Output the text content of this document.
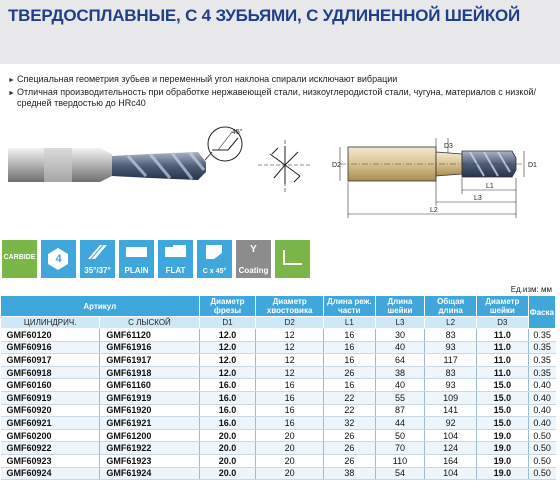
ТВЕРДОСПЛАВНЫЕ, С 4 ЗУБЬЯМИ, С УДЛИНЕННОЙ ШЕЙКОЙ
► Специальная геометрия зубьев и переменный угол наклона спирали исключают вибрации
► Отличная производительность при обработке нержавеющей стали, низкоуглеродистой стали, чугуна, материалов с низкой/средней твердостью до HRc40
45°
D2	D1
D3
L1
L3
L2
CARBIDE 4
35°/37° PLAIN FLAT C x 45°
Y
Coating
Ед.изм: мм
Артикул		Диаметр фрезы	Диаметр хвостовика	Длина реж. части	Длина шейки	Общая длина	Диаметр шейки	Фаска
ЦИЛИНДРИЧ.	С ЛЫСКОЙ	D1	D2	L1	L3	L2	D3	
GMF60120	GMF61120	12.0	12	16	30	83	11.0	0.35
GMF60916	GMF61916	12.0	12	16	40	93	11.0	0.35
GMF60917	GMF61917	12.0	12	16	64	117	11.0	0.35
GMF60918	GMF61918	12.0	12	26	38	83	11.0	0.35
GMF60160	GMF61160	16.0	16	16	40	93	15.0	0.40
GMF60919	GMF61919	16.0	16	22	55	109	15.0	0.40
GMF60920	GMF61920	16.0	16	22	87	141	15.0	0.40
GMF60921	GMF61921	16.0	16	32	44	92	15.0	0.40
GMF60200	GMF61200	20.0	20	26	50	104	19.0	0.50
GMF60922	GMF61922	20.0	20	26	70	124	19.0	0.50
GMF60923	GMF61923	20.0	20	26	110	164	19.0	0.50
GMF60924	GMF61924	20.0	20	38	54	104	19.0	0.50
